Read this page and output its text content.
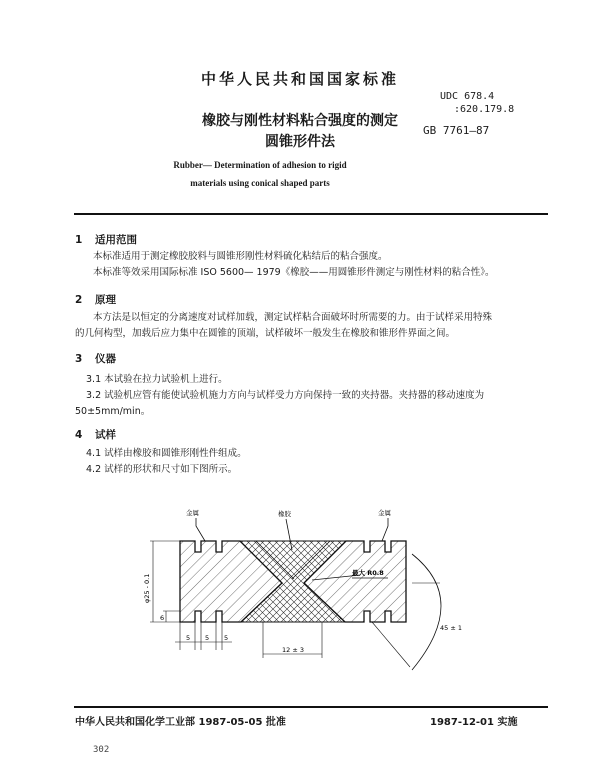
中华人民共和国国家标准
UDC 678.4
:620.179.8
GB 7761—87
橡胶与刚性材料粘合强度的测定
圆锥形件法
Rubber— Determination of adhesion to rigid
materials using conical shaped parts
1 适用范围
本标准适用于测定橡胶胶料与圆锥形刚性材料硫化粘结后的粘合强度。
本标准等效采用国际标准 ISO 5600— 1979《橡胶——用圆锥形件测定与刚性材料的粘合性》。
2 原理
本方法是以恒定的分离速度对试样加载，测定试样粘合面破坏时所需要的力。由于试样采用特殊
的几何构型，加载后应力集中在圆锥的顶端，试样破坏一般发生在橡胶和锥形件界面之间。
3 仪器
3.1 本试验在拉力试验机上进行。
3.2 试验机应管有能使试验机施力方向与试样受力方向保持一致的夹持器。夹持器的移动速度为
50±5mm/min。
4 试样
4.1 试样由橡胶和圆锥形刚性件组成。
4.2 试样的形状和尺寸如下图所示。
金属	橡胶	金属
最大 R0.8
φ25 - 0.1
45 ± 1
6
5 5 5
12 ± 3
中华人民共和国化学工业部 1987-05-05 批准	1987-12-01 实施
302
